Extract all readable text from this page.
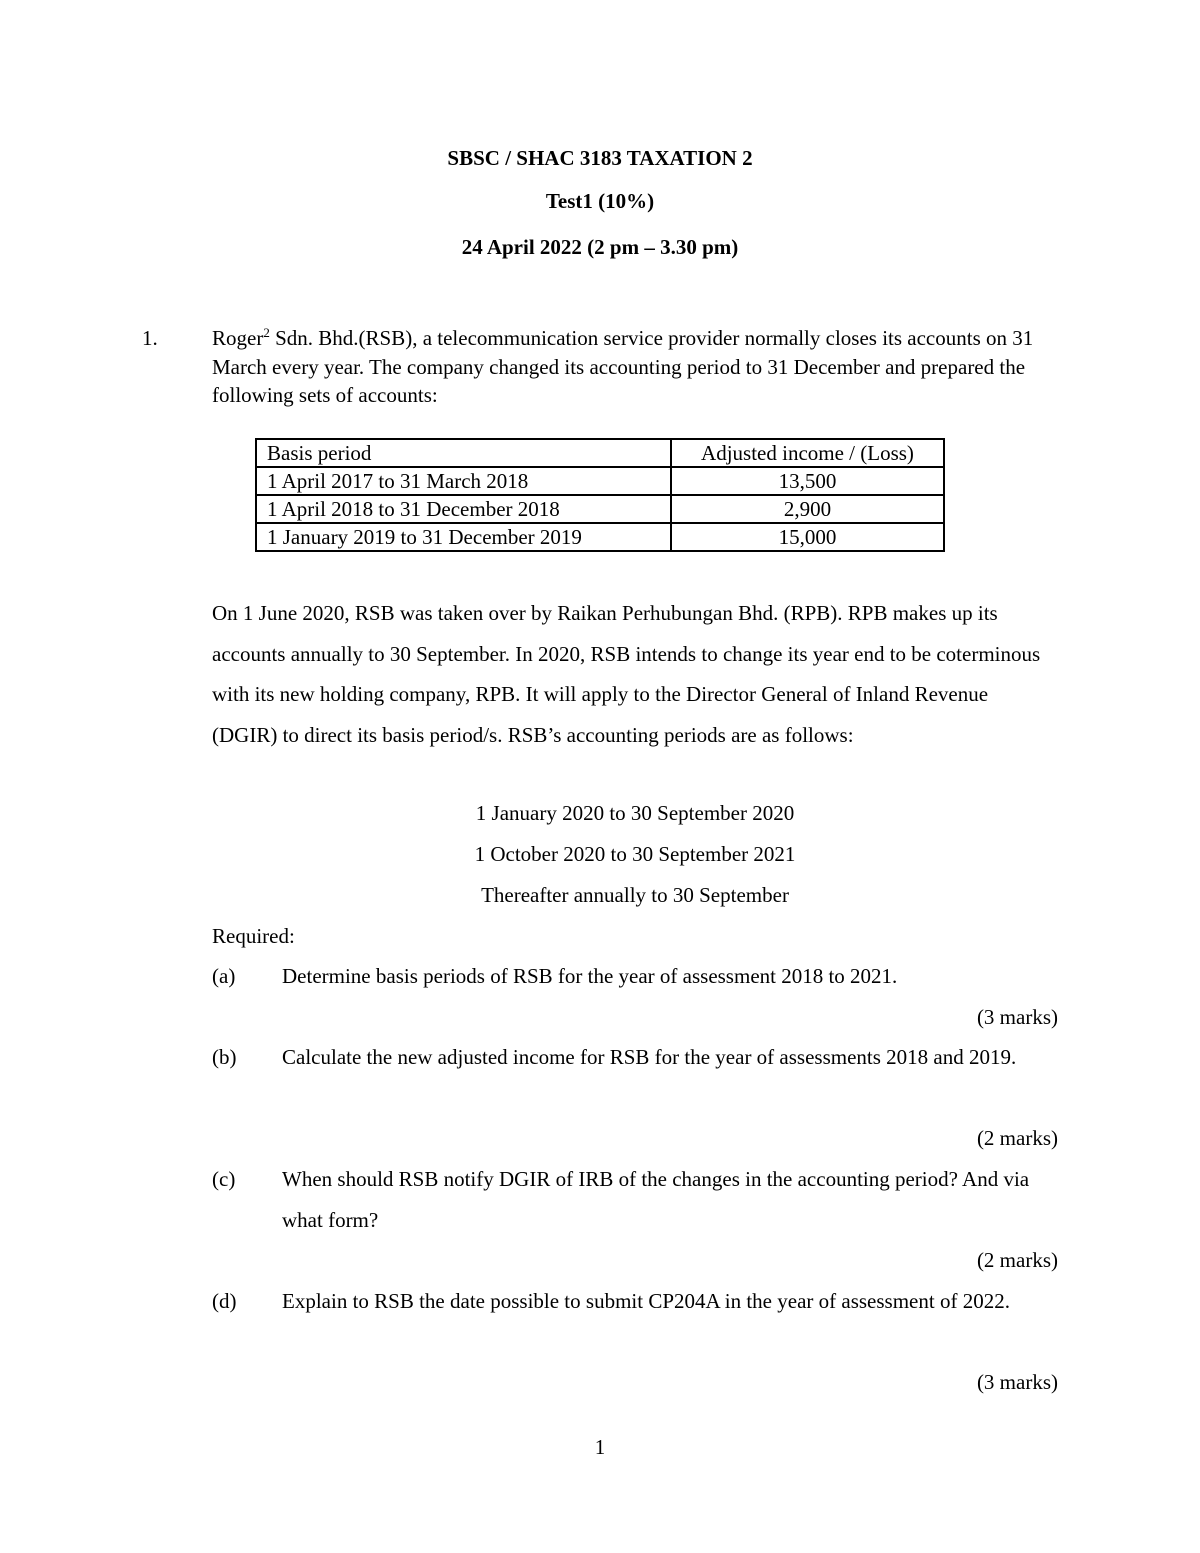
SBSC / SHAC 3183 TAXATION 2
Test1 (10%)
24 April 2022 (2 pm – 3.30 pm)
1.	Roger$^2$ Sdn. Bhd.(RSB), a telecommunication service provider normally closes its accounts on 31 March every year. The company changed its accounting period to 31 December and prepared the following sets of accounts:
Basis period	Adjusted income / (Loss)
1 April 2017 to 31 March 2018	13,500
1 April 2018 to 31 December 2018	2,900
1 January 2019 to 31 December 2019	15,000
On 1 June 2020, RSB was taken over by Raikan Perhubungan Bhd. (RPB). RPB makes up its accounts annually to 30 September. In 2020, RSB intends to change its year end to be coterminous with its new holding company, RPB. It will apply to the Director General of Inland Revenue (DGIR) to direct its basis period/s. RSB’s accounting periods are as follows:
1 January 2020 to 30 September 2020
1 October 2020 to 30 September 2021
Thereafter annually to 30 September
Required:
(a) Determine basis periods of RSB for the year of assessment 2018 to 2021.
(3 marks)
(b) Calculate the new adjusted income for RSB for the year of assessments 2018 and 2019.
(2 marks)
(c) When should RSB notify DGIR of IRB of the changes in the accounting period? And via what form?
(2 marks)
(d) Explain to RSB the date possible to submit CP204A in the year of assessment of 2022.
(3 marks)
1
